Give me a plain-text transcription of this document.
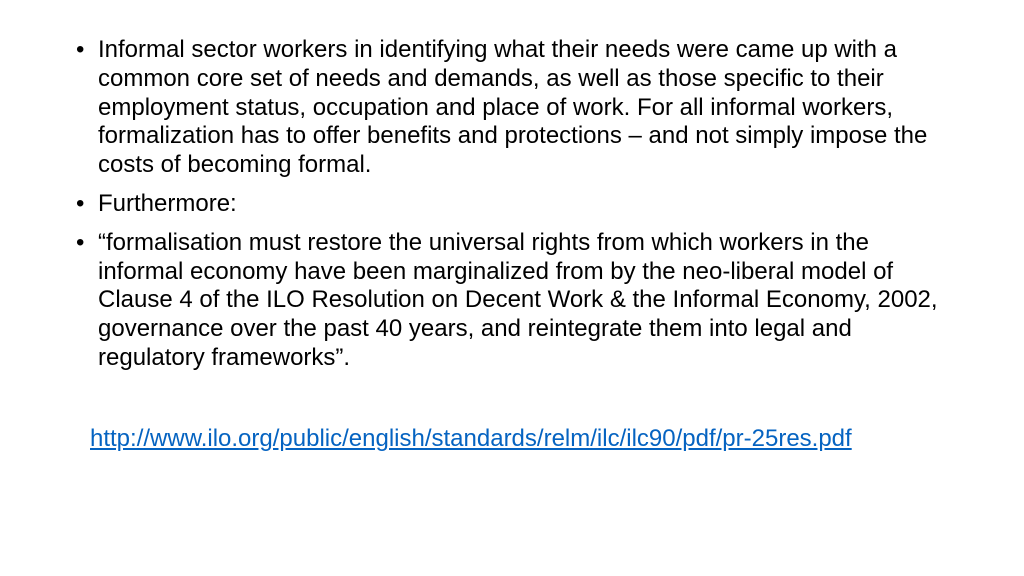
• Informal sector workers in identifying what their needs were came up with a common core set of needs and demands, as well as those specific to their employment status, occupation and place of work. For all informal workers, formalization has to offer benefits and protections – and not simply impose the costs of becoming formal.
• Furthermore:
• “formalisation must restore the universal rights from which workers in the informal economy have been marginalized from by the neo-liberal model of Clause 4 of the ILO Resolution on Decent Work & the Informal Economy, 2002, governance over the past 40 years, and reintegrate them into legal and regulatory frameworks”.
http://www.ilo.org/public/english/standards/relm/ilc/ilc90/pdf/pr-25res.pdf
